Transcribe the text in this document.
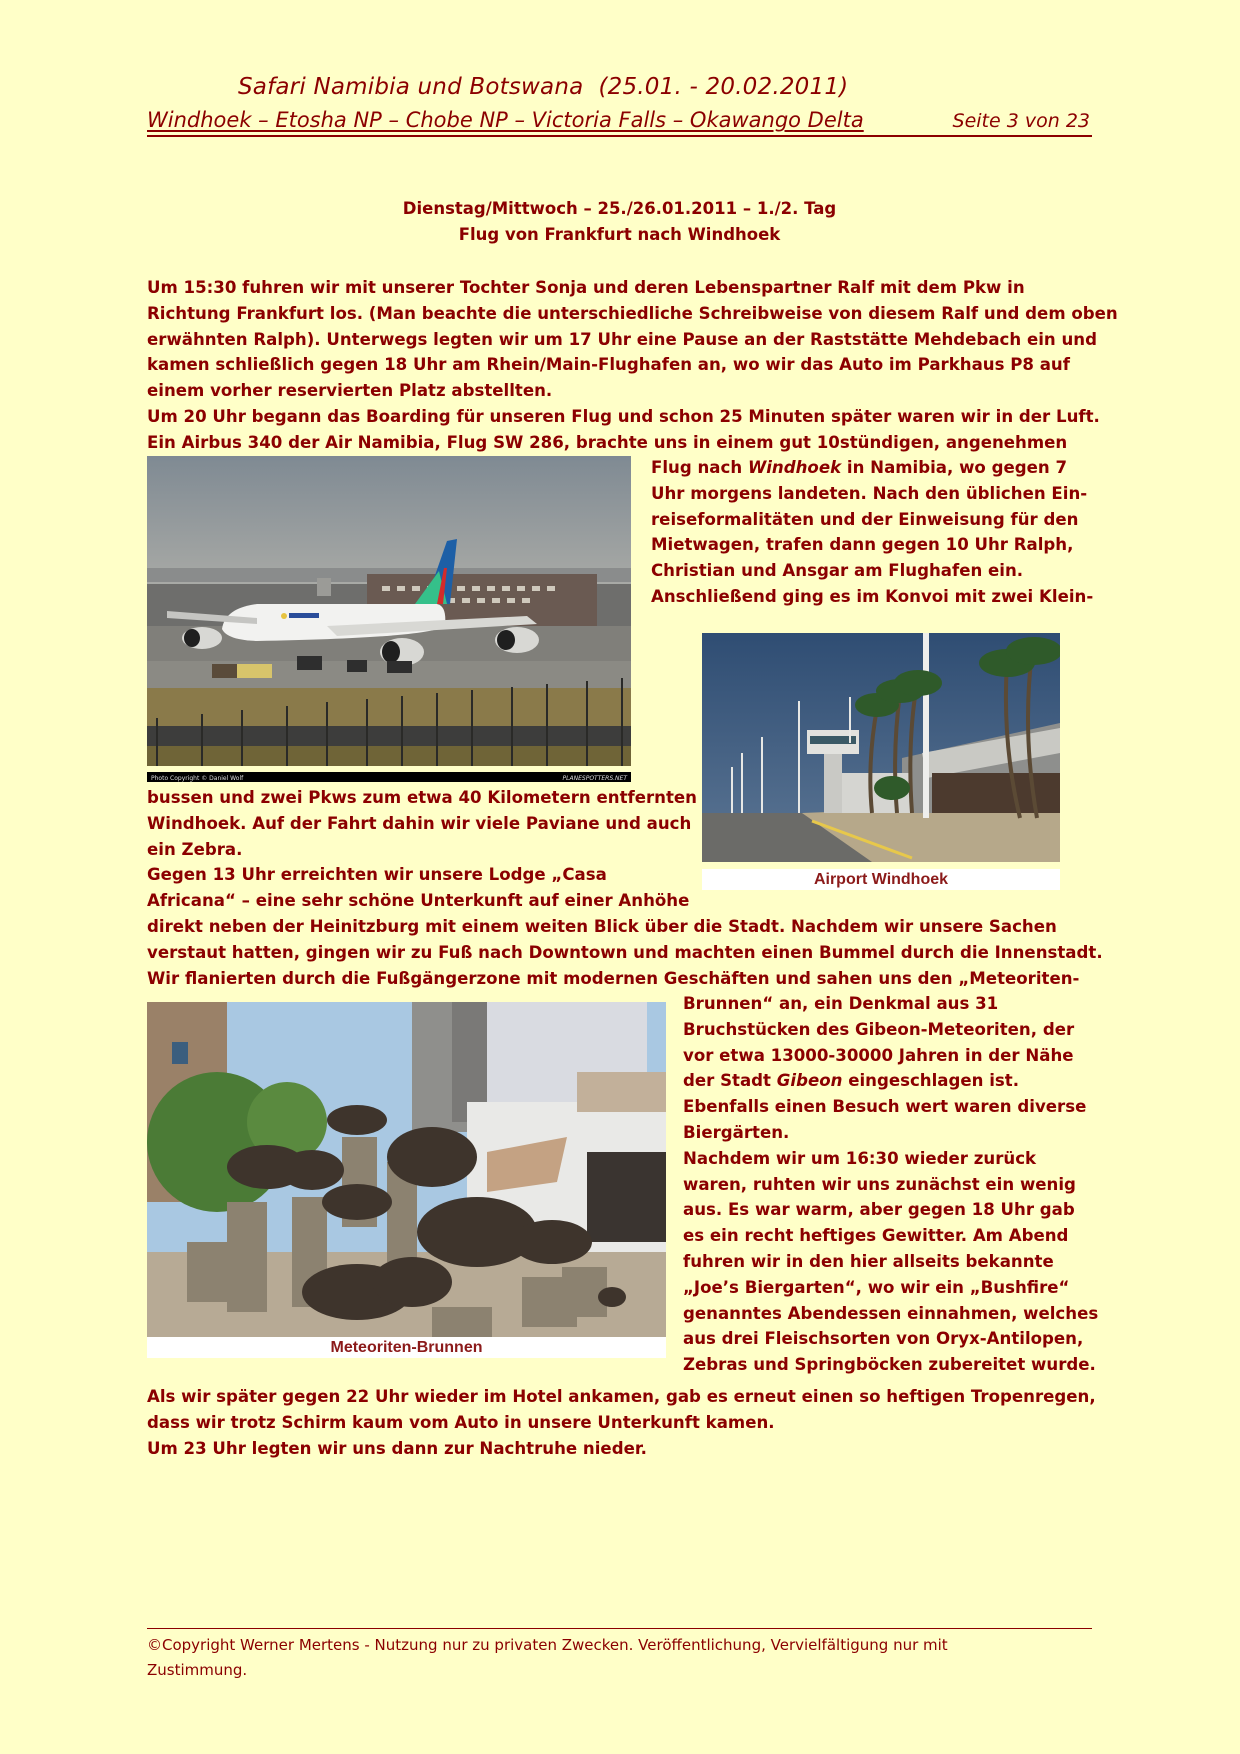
Safari Namibia und Botswana  (25.01. - 20.02.2011)
Windhoek – Etosha NP – Chobe NP – Victoria Falls – Okawango Delta	Seite 3 von 23
Dienstag/Mittwoch – 25./26.01.2011 – 1./2. Tag
Flug von Frankfurt nach Windhoek
Um 15:30 fuhren wir mit unserer Tochter Sonja und deren Lebenspartner Ralf mit dem Pkw in
Richtung Frankfurt los. (Man beachte die unterschiedliche Schreibweise von diesem Ralf und dem oben
erwähnten Ralph). Unterwegs legten wir um 17 Uhr eine Pause an der Raststätte Mehdebach ein und
kamen schließlich gegen 18 Uhr am Rhein/Main-Flughafen an, wo wir das Auto im Parkhaus P8 auf
einem vorher reservierten Platz abstellten.
Um 20 Uhr begann das Boarding für unseren Flug und schon 25 Minuten später waren wir in der Luft.
Ein Airbus 340 der Air Namibia, Flug SW 286, brachte uns in einem gut 10stündigen, angenehmen
Photo Copyright © Daniel Wolf	PLANESPOTTERS.NET
Flug nach Windhoek in Namibia, wo gegen 7
Uhr morgens landeten. Nach den üblichen Ein-
reiseformalitäten und der Einweisung für den
Mietwagen, trafen dann gegen 10 Uhr Ralph,
Christian und Ansgar am Flughafen ein.
Anschließend ging es im Konvoi mit zwei Klein-
Airport Windhoek
bussen und zwei Pkws zum etwa 40 Kilometern entfernten
Windhoek. Auf der Fahrt dahin wir viele Paviane und auch
ein Zebra.
Gegen 13 Uhr erreichten wir unsere Lodge „Casa
Africana“ – eine sehr schöne Unterkunft auf einer Anhöhe
direkt neben der Heinitzburg mit einem weiten Blick über die Stadt. Nachdem wir unsere Sachen
verstaut hatten, gingen wir zu Fuß nach Downtown und machten einen Bummel durch die Innenstadt.
Wir flanierten durch die Fußgängerzone mit modernen Geschäften und sahen uns den „Meteoriten-
Meteoriten-Brunnen
Brunnen“ an, ein Denkmal aus 31
Bruchstücken des Gibeon-Meteoriten, der
vor etwa 13000-30000 Jahren in der Nähe
der Stadt Gibeon eingeschlagen ist.
Ebenfalls einen Besuch wert waren diverse
Biergärten.
Nachdem wir um 16:30 wieder zurück
waren, ruhten wir uns zunächst ein wenig
aus. Es war warm, aber gegen 18 Uhr gab
es ein recht heftiges Gewitter. Am Abend
fuhren wir in den hier allseits bekannte
„Joe’s Biergarten“, wo wir ein „Bushfire“
genanntes Abendessen einnahmen, welches
aus drei Fleischsorten von Oryx-Antilopen,
Zebras und Springböcken zubereitet wurde.
Als wir später gegen 22 Uhr wieder im Hotel ankamen, gab es erneut einen so heftigen Tropenregen,
dass wir trotz Schirm kaum vom Auto in unsere Unterkunft kamen.
Um 23 Uhr legten wir uns dann zur Nachtruhe nieder.
©Copyright Werner Mertens - Nutzung nur zu privaten Zwecken. Veröffentlichung, Vervielfältigung nur mit
Zustimmung.
